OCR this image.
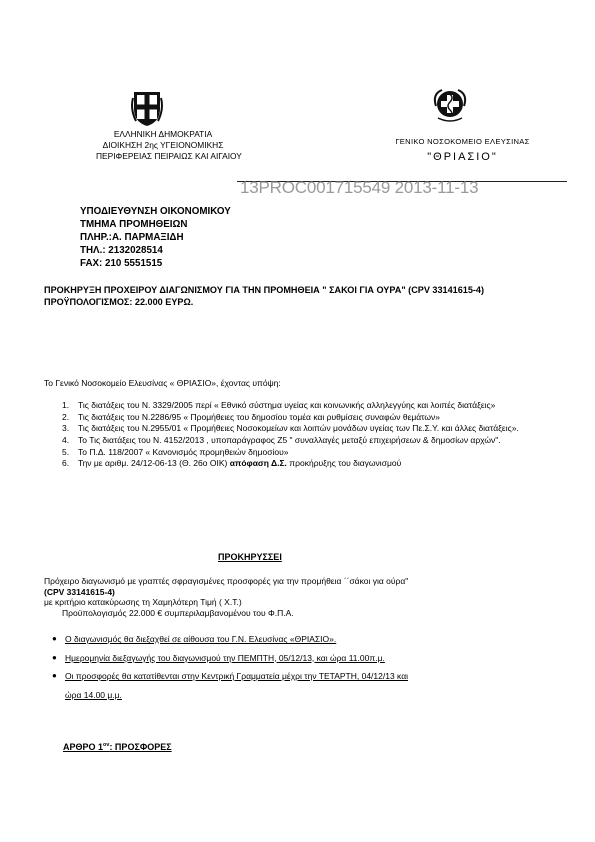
ΕΛΛΗΝΙΚΗ ΔΗΜΟΚΡΑΤΙΑ
ΔΙΟΙΚΗΣΗ 2ης ΥΓΕΙΟΝΟΜΙΚΗΣ
ΠΕΡΙΦΕΡΕΙΑΣ ΠΕΙΡΑΙΩΣ ΚΑΙ ΑΙΓΑΙΟΥ
ΓΕΝΙΚΟ ΝΟΣΟΚΟΜΕΙΟ ΕΛΕΥΣΙΝΑΣ
"ΘΡΙΑΣΙΟ"
13PROC001715549 2013-11-13
ΥΠΟΔΙΕΥΘΥΝΣΗ ΟΙΚΟΝΟΜΙΚΟΥ
ΤΜΗΜΑ ΠΡΟΜΗΘΕΙΩΝ
ΠΛΗΡ.:Α. ΠΑΡΜΑΞΙΔΗ
ΤΗΛ.: 2132028514
FAX: 210 5551515
ΠΡΟΚΗΡΥΞΗ ΠΡΟΧΕΙΡΟΥ ΔΙΑΓΩΝΙΣΜΟΥ ΓΙΑ ΤΗΝ ΠΡΟΜΗΘΕΙΑ " ΣΑΚΟΙ ΓΙΑ ΟΥΡΑ" (CPV 33141615-4)
ΠΡΟΫΠΟΛΟΓΙΣΜΟΣ: 22.000 ΕΥΡΩ.
Το Γενικό Νοσοκομείο Ελευσίνας « ΘΡΙΑΣΙΟ», έχοντας υπόψη:
1. Τις διατάξεις του Ν. 3329/2005 περί « Εθνικό σύστημα υγείας και κοινωνικής αλληλεγγύης και λοιπές διατάξεις»
2. Τις διατάξεις του Ν.2286/95 « Προμήθειες του δημοσίου τομέα και ρυθμίσεις συναφών θεμάτων»
3. Τις διατάξεις του Ν.2955/01 « Προμήθειες Νοσοκομείων και λοιπών μονάδων υγείας των Πε.Σ.Υ. και άλλες διατάξεις».
4. Το Τις διατάξεις του Ν. 4152/2013 , υποπαράγραφος Ζ5 " συναλλαγές μεταξύ επιχειρήσεων & δημοσίων αρχών".
5. Το Π.Δ. 118/2007 « Κανονισμός προμηθειών δημοσίου»
6. Την με αριθμ. 24/12-06-13 (Θ. 26ο ΟΙΚ) απόφαση Δ.Σ. προκήρυξης του διαγωνισμού
ΠΡΟΚΗΡΥΣΣΕΙ
Πρόχειρο διαγωνισμό με γραπτές σφραγισμένες προσφορές για την προμήθεια ΄΄σάκοι για ούρα"
(CPV 33141615-4)
με κριτήριο κατακύρωσης τη Χαμηλότερη Τιμή ( Χ.Τ.)
Προϋπολογισμός 22.000 € συμπεριλαμβανομένου του Φ.Π.Α.
● Ο διαγωνισμός θα διεξαχθεί σε αίθουσα του Γ.Ν. Ελευσίνας «ΘΡΙΑΣΙΟ».
● Ημερομηνία διεξαγωγής του διαγωνισμού την ΠΕΜΠΤΗ, 05/12/13, και ώρα 11.00π.μ.
● Οι προσφορές θα κατατίθενται στην Κεντρική Γραμματεία μέχρι την ΤΕΤΑΡΤΗ, 04/12/13 και
ώρα 14.00 μ.μ.
ΑΡΘΡΟ $1^{o\nu}$: ΠΡΟΣΦΟΡΕΣ
